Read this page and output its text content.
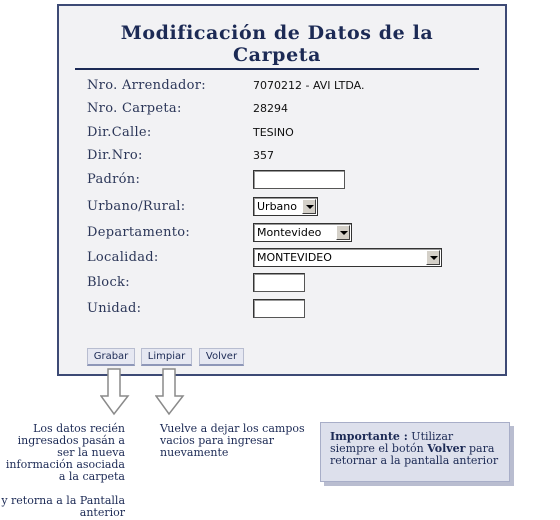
Modificación de Datos de la Carpeta
Nro. Arrendador:	7070212 - AVI LTDA.
Nro. Carpeta:	28294
Dir.Calle:	TESINO
Dir.Nro:	357
Padrón:
Urbano/Rural:	Urbano
Departamento:	Montevideo
Localidad:	MONTEVIDEO
Block:
Unidad:
Grabar	Limpiar	Volver

Los datos recién ingresados pasán a ser la nueva información asociada a la carpeta

y retorna a la Pantalla anterior

Vuelve a dejar los campos vacios para ingresar nuevamente
Importante : Utilizar siempre el botón Volver para retornar a la pantalla anterior
